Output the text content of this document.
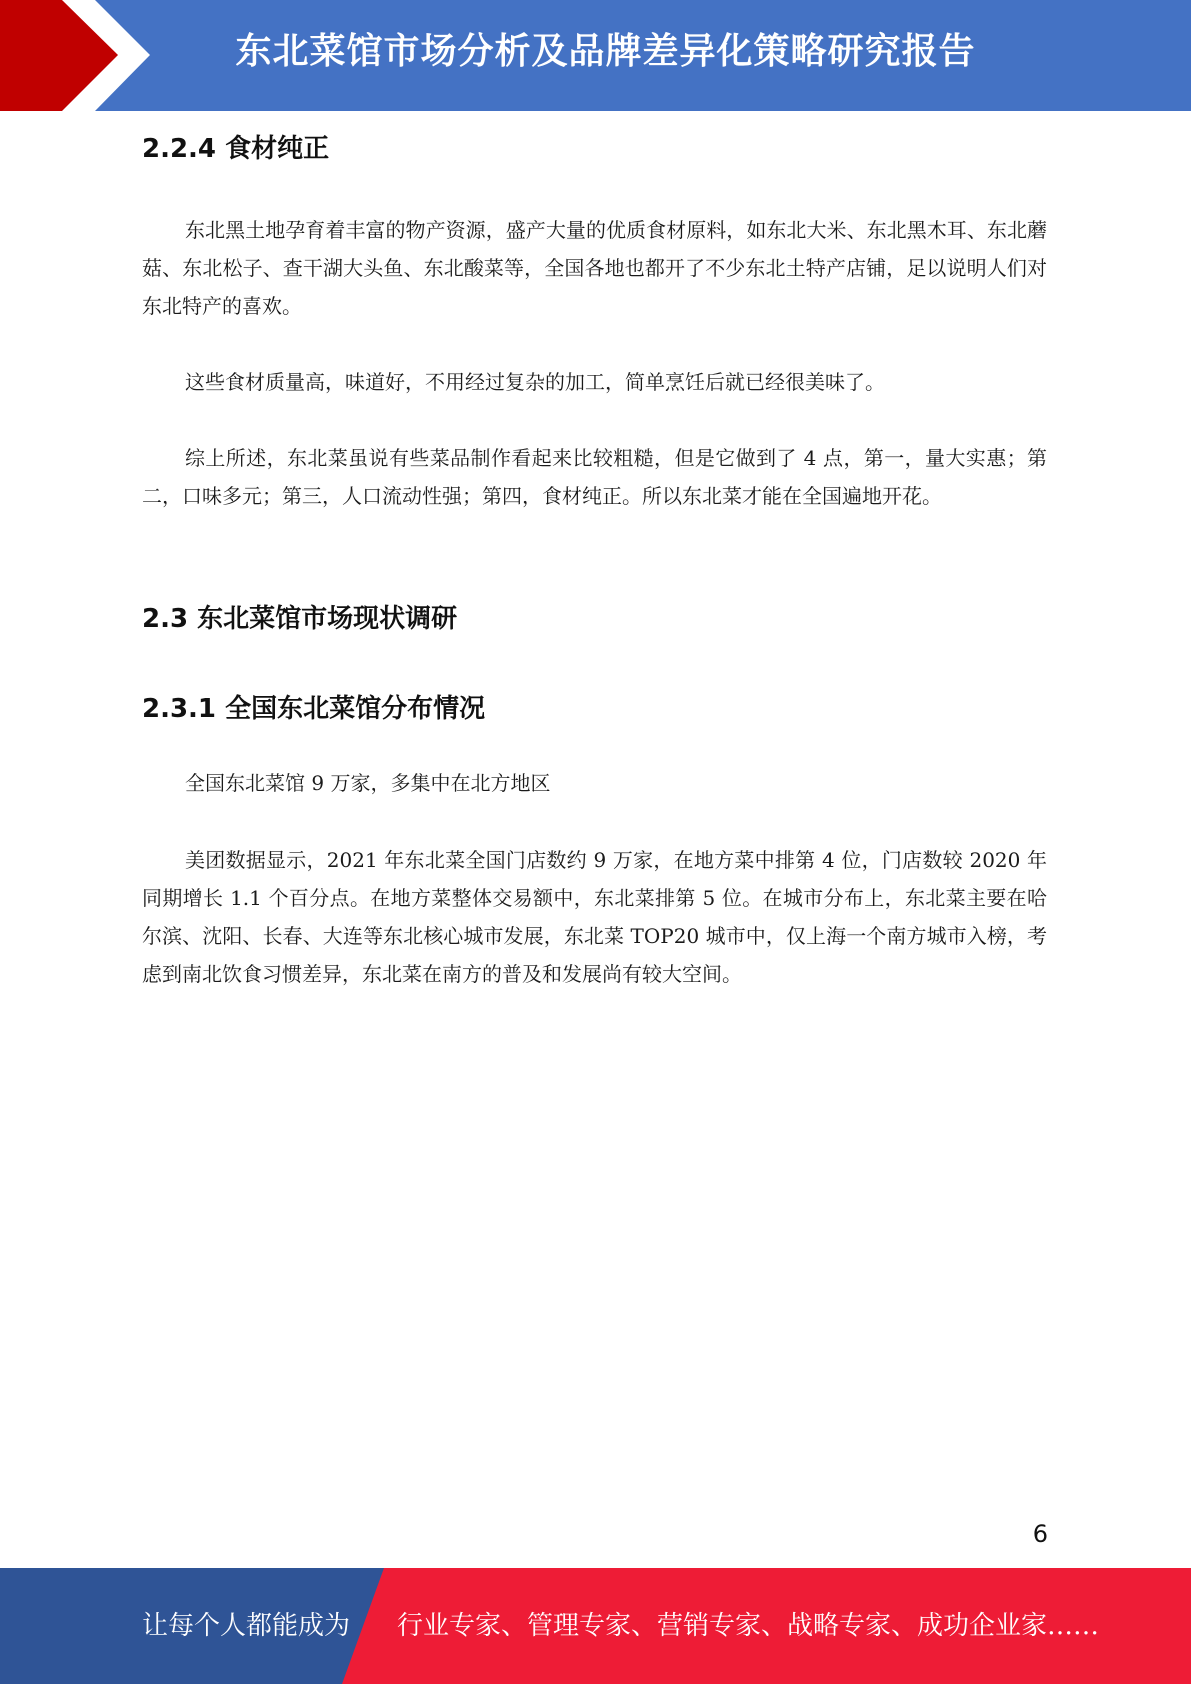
东北菜馆市场分析及品牌差异化策略研究报告
2.2.4 食材纯正

东北黑土地孕育着丰富的物产资源，盛产大量的优质食材原料，如东北大米、东北黑木耳、东北蘑菇、东北松子、查干湖大头鱼、东北酸菜等，全国各地也都开了不少东北土特产店铺，足以说明人们对东北特产的喜欢。

这些食材质量高，味道好，不用经过复杂的加工，简单烹饪后就已经很美味了。

综上所述，东北菜虽说有些菜品制作看起来比较粗糙，但是它做到了 4 点，第一，量大实惠；第二，口味多元；第三，人口流动性强；第四，食材纯正。所以东北菜才能在全国遍地开花。

2.3 东北菜馆市场现状调研
2.3.1 全国东北菜馆分布情况

全国东北菜馆 9 万家，多集中在北方地区

美团数据显示，2021 年东北菜全国门店数约 9 万家，在地方菜中排第 4 位，门店数较 2020 年同期增长 1.1 个百分点。在地方菜整体交易额中，东北菜排第 5 位。在城市分布上，东北菜主要在哈尔滨、沈阳、长春、大连等东北核心城市发展，东北菜 TOP20 城市中，仅上海一个南方城市入榜，考虑到南北饮食习惯差异，东北菜在南方的普及和发展尚有较大空间。

6
让每个人都能成为 行业专家、管理专家、营销专家、战略专家、成功企业家……
